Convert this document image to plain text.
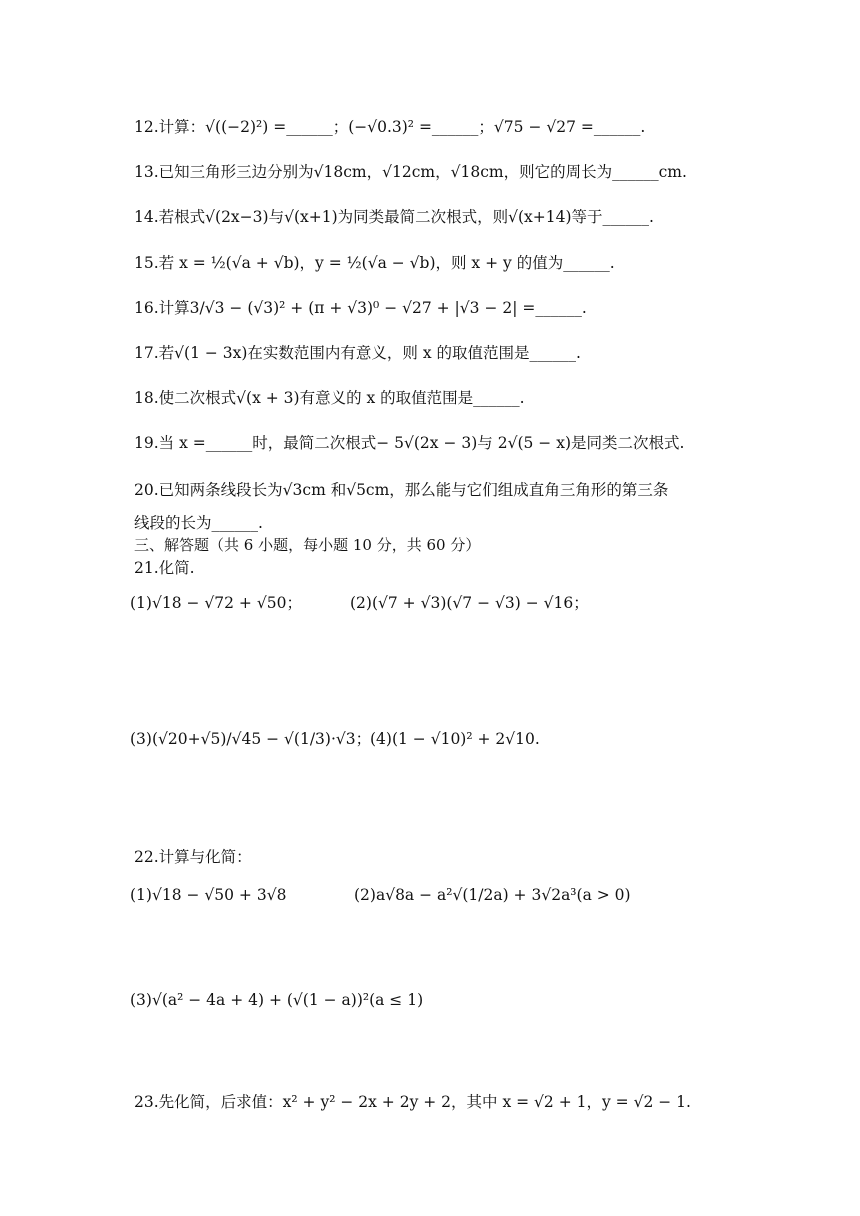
12.计算：√((−2)²) =______；(−√0.3)² =______；√75 − √27 =______.
13.已知三角形三边分别为√18cm，√12cm，√18cm，则它的周长为______cm.
14.若根式√(2x−3)与√(x+1)为同类最简二次根式，则√(x+14)等于______.
15.若 x = ½(√a + √b)，y = ½(√a − √b)，则 x + y 的值为______.
16.计算3/√3 − (√3)² + (π + √3)⁰ − √27 + |√3 − 2| =______.
17.若√(1 − 3x)在实数范围内有意义，则 x 的取值范围是______.
18.使二次根式√(x + 3)有意义的 x 的取值范围是______.
19.当 x =______时，最简二次根式− 5√(2x − 3)与 2√(5 − x)是同类二次根式.
20.已知两条线段长为√3cm 和√5cm，那么能与它们组成直角三角形的第三条
线段的长为______.
三、解答题（共 6 小题，每小题 10 分，共 60 分）
21.化简.
(1)√18 − √72 + √50；	(2)(√7 + √3)(√7 − √3) − √16；
(3)(√20+√5)/√45 − √(1/3)·√3；
(4)(1 − √10)² + 2√10.
22.计算与化简：
(1)√18 − √50 + 3√8	(2)a√8a − a²√(1/2a) + 3√2a³(a > 0)
(3)√(a² − 4a + 4) + (√(1 − a))²(a ≤ 1)
23.先化简，后求值：x² + y² − 2x + 2y + 2，其中 x = √2 + 1，y = √2 − 1.
